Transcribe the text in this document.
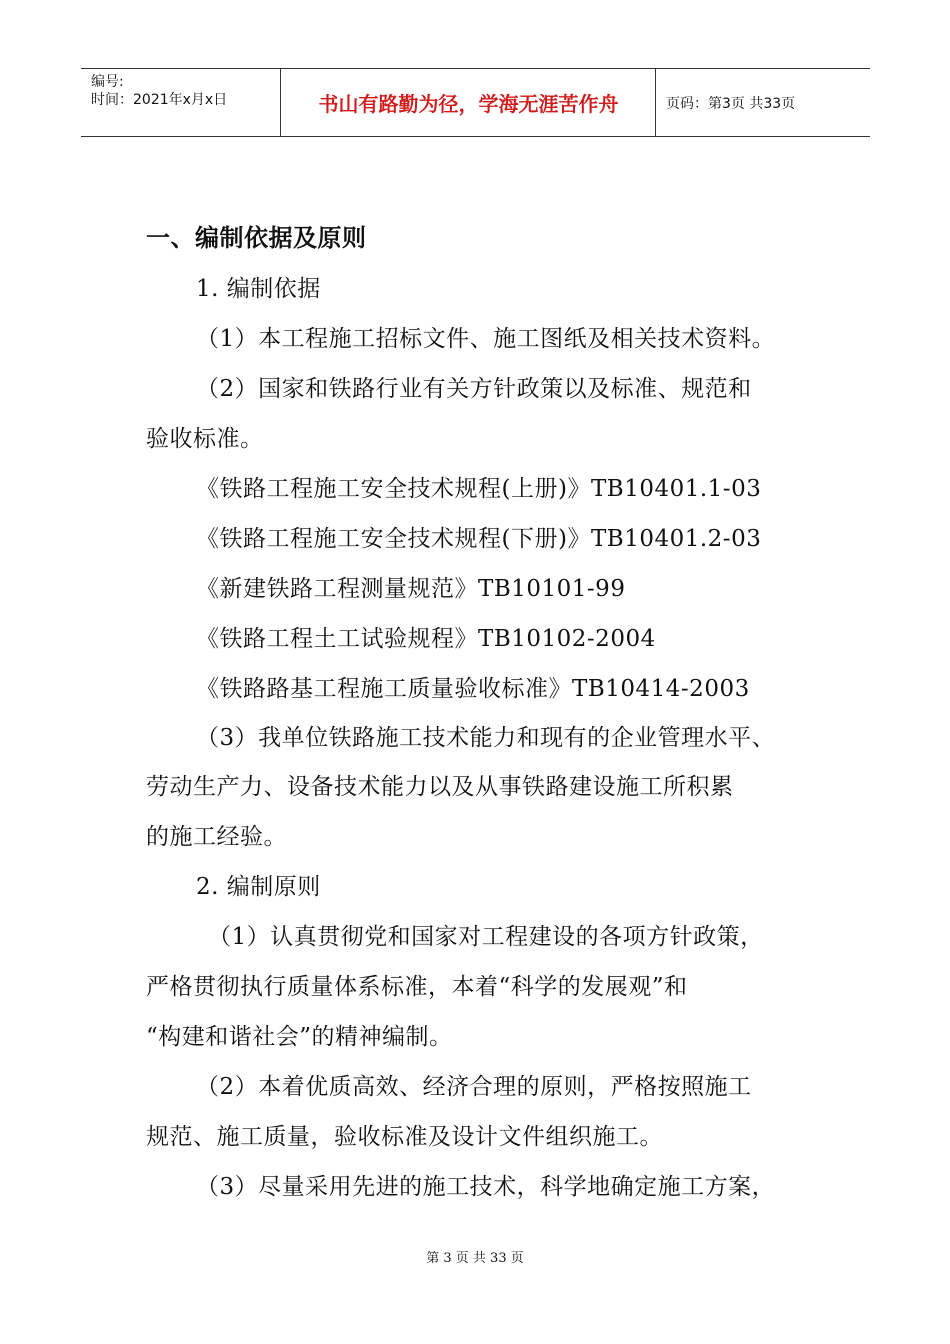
编号:
时间：2021年x月x日	书山有路勤为径，学海无涯苦作舟	页码：第3页 共33页
一、编制依据及原则
1. 编制依据
（1）本工程施工招标文件、施工图纸及相关技术资料。
（2）国家和铁路行业有关方针政策以及标准、规范和
验收标准。
《铁路工程施工安全技术规程(上册)》TB10401.1-03
《铁路工程施工安全技术规程(下册)》TB10401.2-03
《新建铁路工程测量规范》TB10101-99
《铁路工程土工试验规程》TB10102-2004
《铁路路基工程施工质量验收标准》TB10414-2003
（3）我单位铁路施工技术能力和现有的企业管理水平、
劳动生产力、设备技术能力以及从事铁路建设施工所积累
的施工经验。
2. 编制原则
（1）认真贯彻党和国家对工程建设的各项方针政策，
严格贯彻执行质量体系标准，本着“科学的发展观”和
“构建和谐社会”的精神编制。
（2）本着优质高效、经济合理的原则，严格按照施工
规范、施工质量，验收标准及设计文件组织施工。
（3）尽量采用先进的施工技术，科学地确定施工方案，
第 3 页 共 33 页
